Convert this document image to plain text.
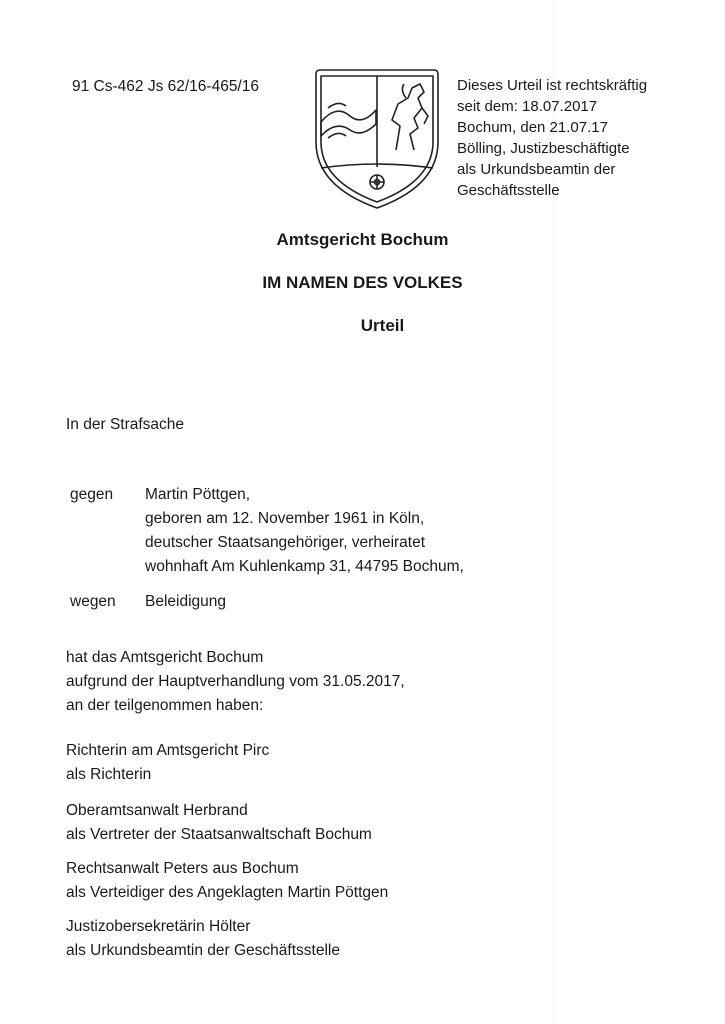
91 Cs-462 Js 62/16-465/16	Dieses Urteil ist rechtskräftig
seit dem: 18.07.2017
Bochum, den 21.07.17
Bölling, Justizbeschäftigte
als Urkundsbeamtin der
Geschäftsstelle
Amtsgericht Bochum
IM NAMEN DES VOLKES
Urteil
In der Strafsache
gegen Martin Pöttgen,
geboren am 12. November 1961 in Köln,
deutscher Staatsangehöriger, verheiratet
wohnhaft Am Kuhlenkamp 31, 44795 Bochum,
wegen Beleidigung
hat das Amtsgericht Bochum
aufgrund der Hauptverhandlung vom 31.05.2017,
an der teilgenommen haben:
Richterin am Amtsgericht Pirc
als Richterin
Oberamtsanwalt Herbrand
als Vertreter der Staatsanwaltschaft Bochum
Rechtsanwalt Peters aus Bochum
als Verteidiger des Angeklagten Martin Pöttgen
Justizobersekretärin Hölter
als Urkundsbeamtin der Geschäftsstelle
